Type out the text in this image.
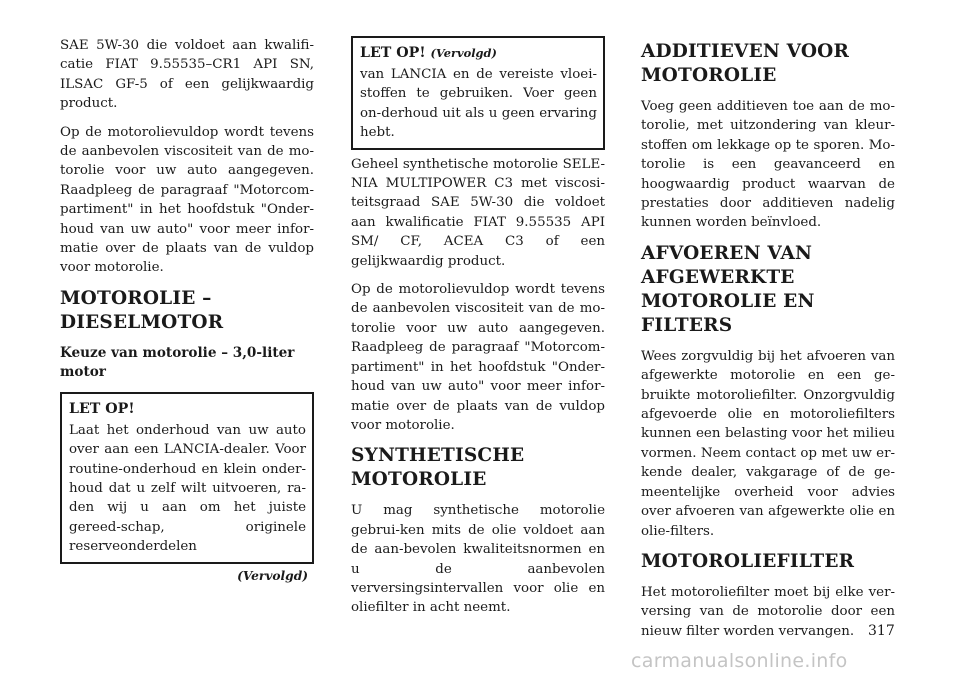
SAE 5W-30 die voldoet aan kwalifi-catie FIAT 9.55535–CR1 API SN, ILSAC GF-5 of een gelijkwaardig product.

Op de motorolievuldop wordt tevens de aanbevolen viscositeit van de mo-torolie voor uw auto aangegeven. Raadpleeg de paragraaf "Motorcom-partiment" in het hoofdstuk "Onder-houd van uw auto" voor meer infor-matie over de plaats van de vuldop voor motorolie.

MOTOROLIE – DIESELMOTOR
Keuze van motorolie – 3,0-liter motor
LET OP!

Laat het onderhoud van uw auto over aan een LANCIA-dealer. Voor routine-onderhoud en klein onder-houd dat u zelf wilt uitvoeren, ra-den wij u aan om het juiste gereed-schap, originele reserveonderdelen

(Vervolgd)

LET OP! (Vervolgd)

van LANCIA en de vereiste vloei-stoffen te gebruiken. Voer geen on-derhoud uit als u geen ervaring hebt.

Geheel synthetische motorolie SELE-NIA MULTIPOWER C3 met viscosi-teitsgraad SAE 5W-30 die voldoet aan kwalificatie FIAT 9.55535 API SM/ CF, ACEA C3 of een gelijkwaardig product.

Op de motorolievuldop wordt tevens de aanbevolen viscositeit van de mo-torolie voor uw auto aangegeven. Raadpleeg de paragraaf "Motorcom-partiment" in het hoofdstuk "Onder-houd van uw auto" voor meer infor-matie over de plaats van de vuldop voor motorolie.

SYNTHETISCHE MOTOROLIE

U mag synthetische motorolie gebrui-ken mits de olie voldoet aan de aan-bevolen kwaliteitsnormen en u de aanbevolen verversingsintervallen voor olie en oliefilter in acht neemt.

ADDITIEVEN VOOR MOTOROLIE

Voeg geen additieven toe aan de mo-torolie, met uitzondering van kleur-stoffen om lekkage op te sporen. Mo-torolie is een geavanceerd en hoogwaardig product waarvan de prestaties door additieven nadelig kunnen worden beïnvloed.

AFVOEREN VAN AFGEWERKTE MOTOROLIE EN FILTERS

Wees zorgvuldig bij het afvoeren van afgewerkte motorolie en een ge-bruikte motoroliefilter. Onzorgvuldig afgevoerde olie en motoroliefilters kunnen een belasting voor het milieu vormen. Neem contact op met uw er-kende dealer, vakgarage of de ge-meentelijke overheid voor advies over afvoeren van afgewerkte olie en olie-filters.

MOTOROLIEFILTER

Het motoroliefilter moet bij elke ver-versing van de motorolie door een nieuw filter worden vervangen. 317

carmanualsonline.info
